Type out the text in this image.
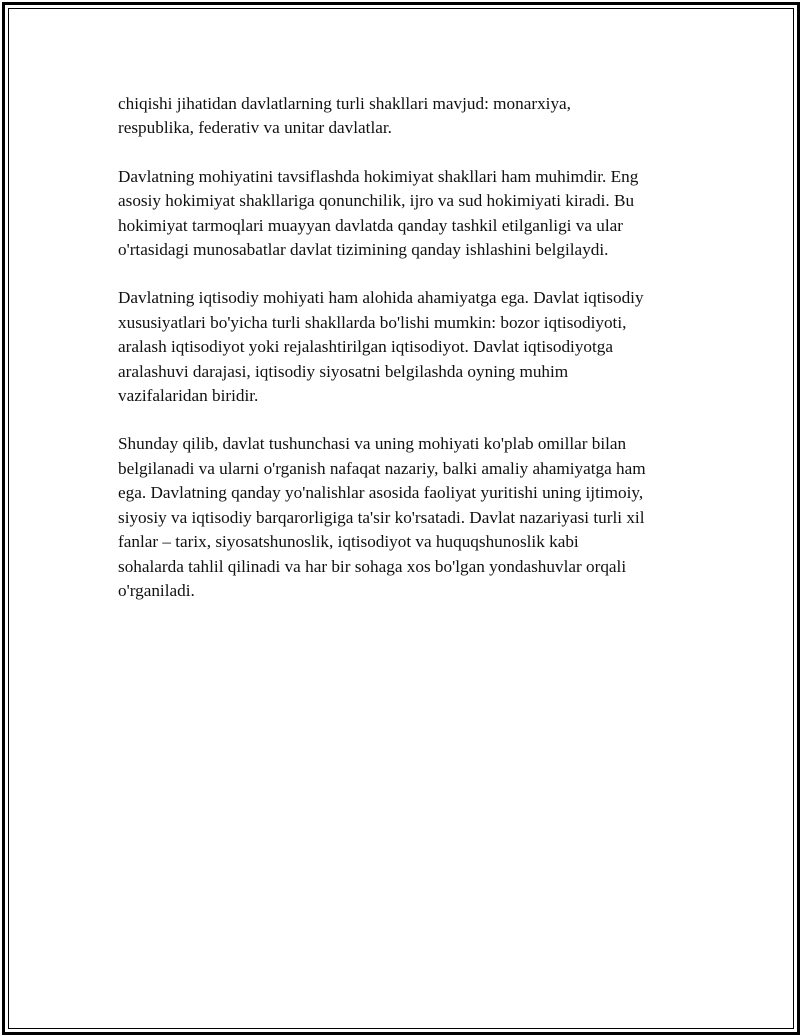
chiqishi jihatidan davlatlarning turli shakllari mavjud: monarxiya,
respublika, federativ va unitar davlatlar.

Davlatning mohiyatini tavsiflashda hokimiyat shakllari ham muhimdir. Eng
asosiy hokimiyat shakllariga qonunchilik, ijro va sud hokimiyati kiradi. Bu
hokimiyat tarmoqlari muayyan davlatda qanday tashkil etilganligi va ular
o'rtasidagi munosabatlar davlat tizimining qanday ishlashini belgilaydi.

Davlatning iqtisodiy mohiyati ham alohida ahamiyatga ega. Davlat iqtisodiy
xususiyatlari bo'yicha turli shakllarda bo'lishi mumkin: bozor iqtisodiyoti,
aralash iqtisodiyot yoki rejalashtirilgan iqtisodiyot. Davlat iqtisodiyotga
aralashuvi darajasi, iqtisodiy siyosatni belgilashda oyning muhim
vazifalaridan biridir.

Shunday qilib, davlat tushunchasi va uning mohiyati ko'plab omillar bilan
belgilanadi va ularni o'rganish nafaqat nazariy, balki amaliy ahamiyatga ham
ega. Davlatning qanday yo'nalishlar asosida faoliyat yuritishi uning ijtimoiy,
siyosiy va iqtisodiy barqarorligiga ta'sir ko'rsatadi. Davlat nazariyasi turli xil
fanlar – tarix, siyosatshunoslik, iqtisodiyot va huquqshunoslik kabi
sohalarda tahlil qilinadi va har bir sohaga xos bo'lgan yondashuvlar orqali
o'rganiladi.
